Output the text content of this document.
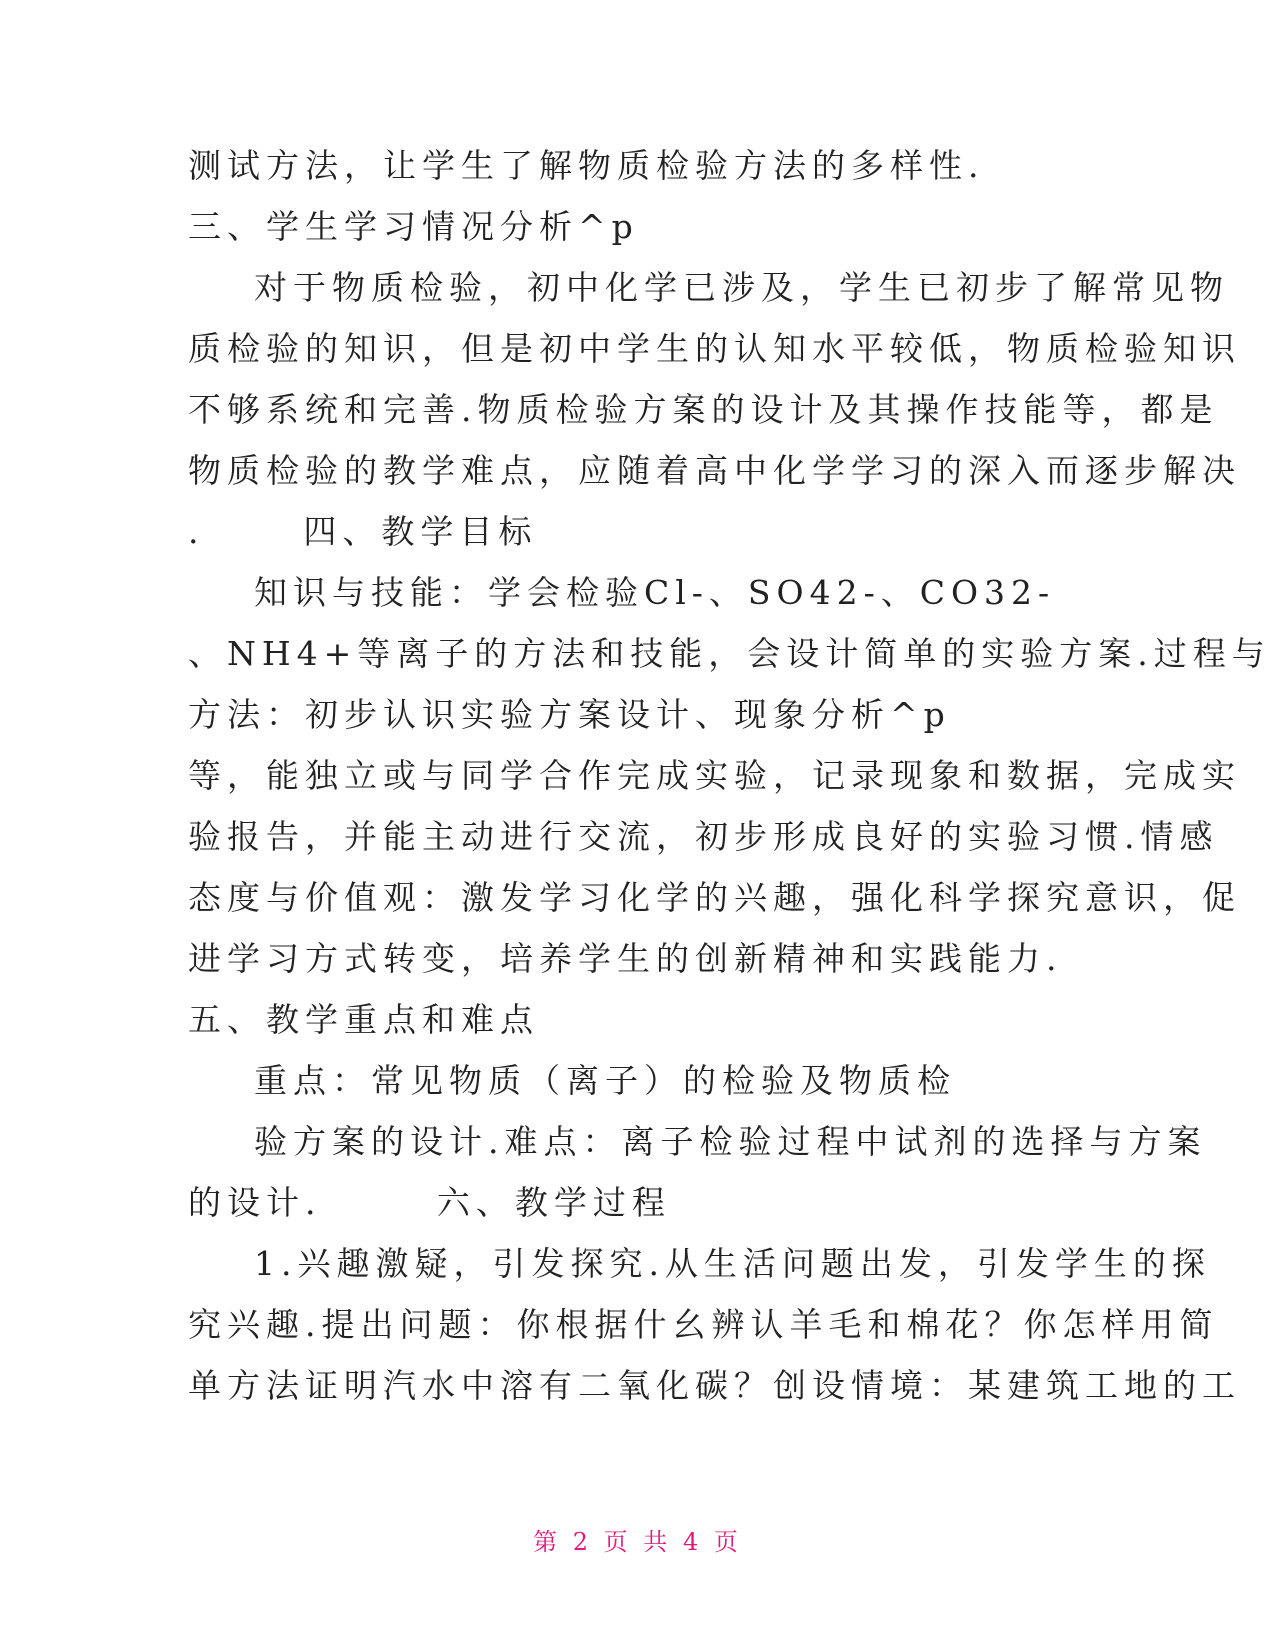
测试方法，让学生了解物质检验方法的多样性.
三、学生学习情况分析^p
对于物质检验，初中化学已涉及，学生已初步了解常见物
质检验的知识，但是初中学生的认知水平较低，物质检验知识
不够系统和完善.物质检验方案的设计及其操作技能等，都是
物质检验的教学难点，应随着高中化学学习的深入而逐步解决
.      四、教学目标
知识与技能：学会检验Cl-、SO42-、CO32-
、NH4+等离子的方法和技能，会设计简单的实验方案.过程与
方法：初步认识实验方案设计、现象分析^p
等，能独立或与同学合作完成实验，记录现象和数据，完成实
验报告，并能主动进行交流，初步形成良好的实验习惯.情感
态度与价值观：激发学习化学的兴趣，强化科学探究意识，促
进学习方式转变，培养学生的创新精神和实践能力.
五、教学重点和难点
重点：常见物质（离子）的检验及物质检
验方案的设计.难点：离子检验过程中试剂的选择与方案
的设计.       六、教学过程
1.兴趣激疑，引发探究.从生活问题出发，引发学生的探
究兴趣.提出问题：你根据什幺辨认羊毛和棉花？你怎样用简
单方法证明汽水中溶有二氧化碳？创设情境：某建筑工地的工
第 2 页 共 4 页
